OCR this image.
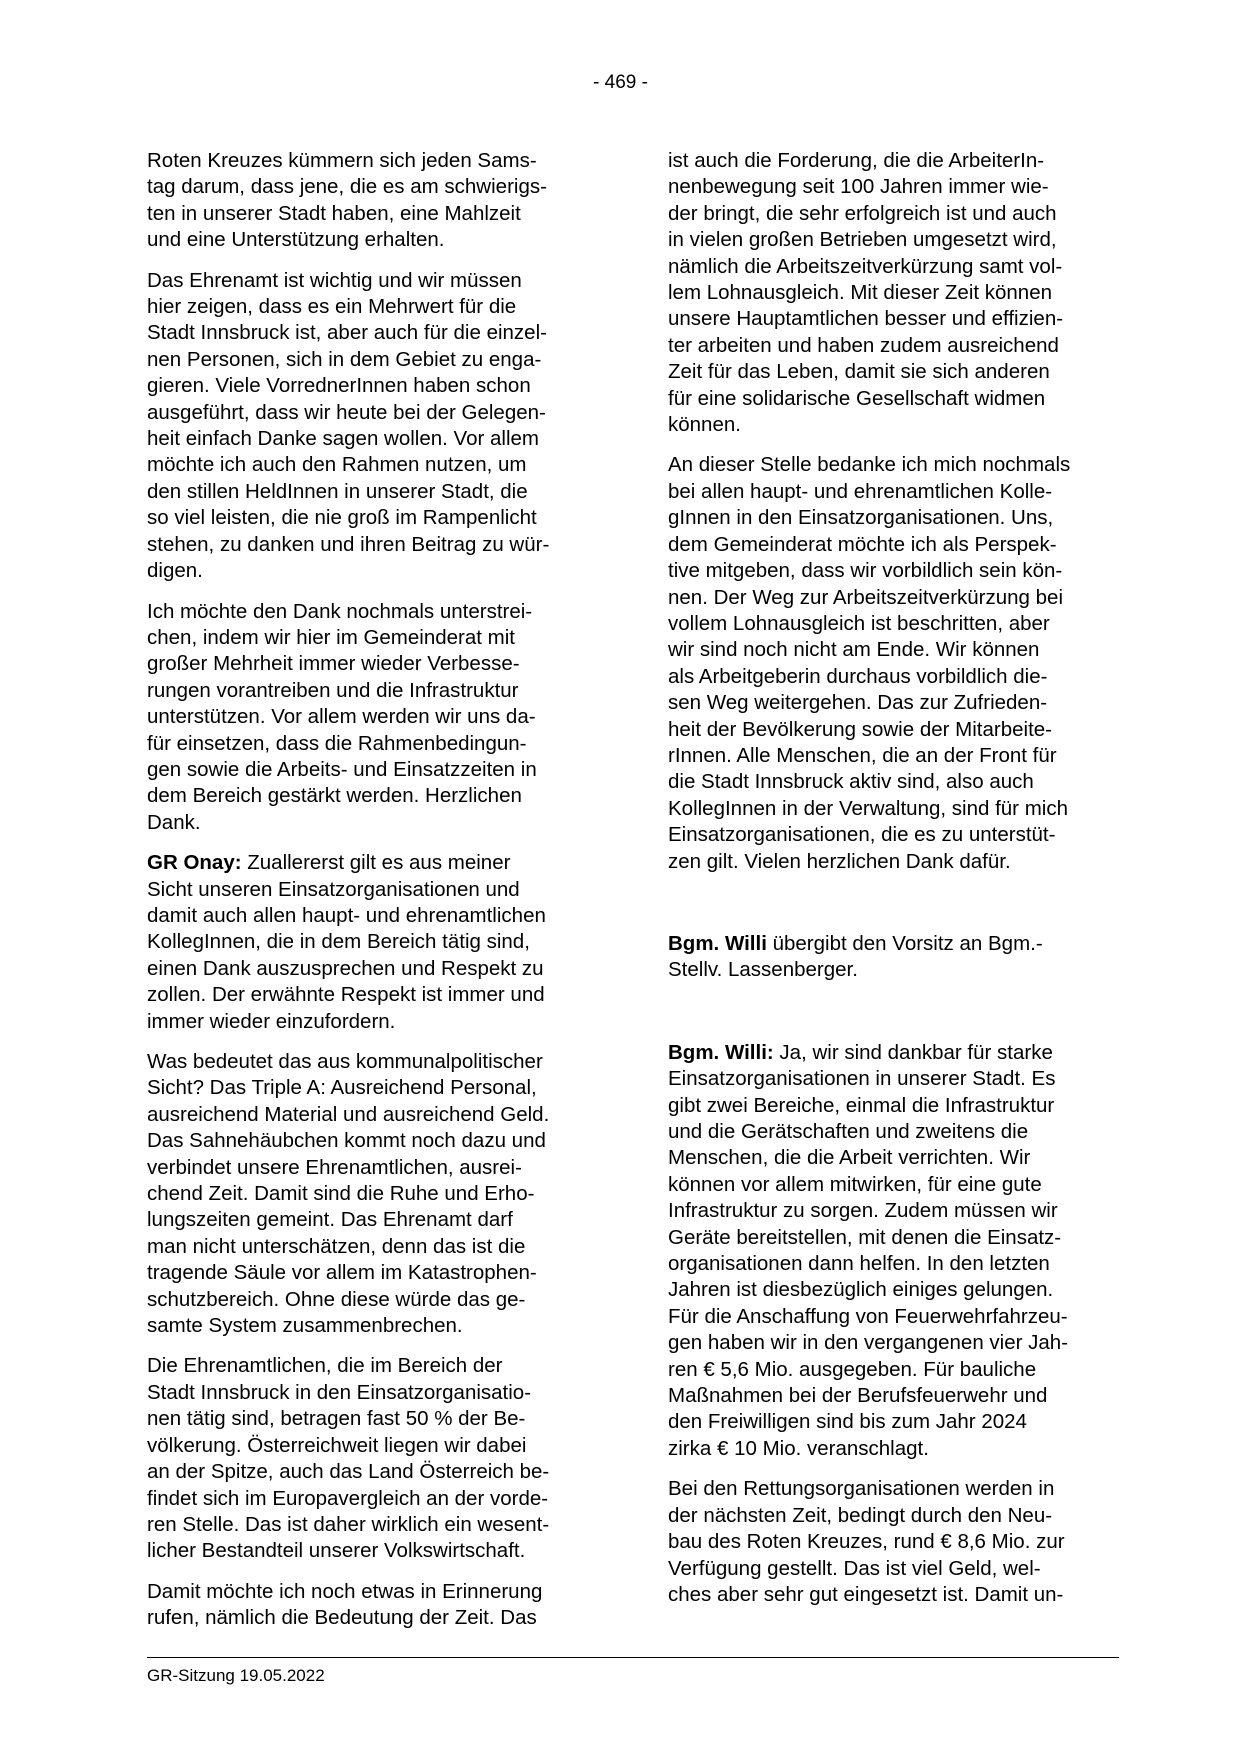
- 469 -

Roten Kreuzes kümmern sich jeden Sams-
tag darum, dass jene, die es am schwierigs-
ten in unserer Stadt haben, eine Mahlzeit
und eine Unterstützung erhalten.

Das Ehrenamt ist wichtig und wir müssen
hier zeigen, dass es ein Mehrwert für die
Stadt Innsbruck ist, aber auch für die einzel-
nen Personen, sich in dem Gebiet zu enga-
gieren. Viele VorrednerInnen haben schon
ausgeführt, dass wir heute bei der Gelegen-
heit einfach Danke sagen wollen. Vor allem
möchte ich auch den Rahmen nutzen, um
den stillen HeldInnen in unserer Stadt, die
so viel leisten, die nie groß im Rampenlicht
stehen, zu danken und ihren Beitrag zu wür-
digen.

Ich möchte den Dank nochmals unterstrei-
chen, indem wir hier im Gemeinderat mit
großer Mehrheit immer wieder Verbesse-
rungen vorantreiben und die Infrastruktur
unterstützen. Vor allem werden wir uns da-
für einsetzen, dass die Rahmenbedingun-
gen sowie die Arbeits- und Einsatzzeiten in
dem Bereich gestärkt werden. Herzlichen
Dank.

GR Onay: Zuallererst gilt es aus meiner
Sicht unseren Einsatzorganisationen und
damit auch allen haupt- und ehrenamtlichen
KollegInnen, die in dem Bereich tätig sind,
einen Dank auszusprechen und Respekt zu
zollen. Der erwähnte Respekt ist immer und
immer wieder einzufordern.

Was bedeutet das aus kommunalpolitischer
Sicht? Das Triple A: Ausreichend Personal,
ausreichend Material und ausreichend Geld.
Das Sahnehäubchen kommt noch dazu und
verbindet unsere Ehrenamtlichen, ausrei-
chend Zeit. Damit sind die Ruhe und Erho-
lungszeiten gemeint. Das Ehrenamt darf
man nicht unterschätzen, denn das ist die
tragende Säule vor allem im Katastrophen-
schutzbereich. Ohne diese würde das ge-
samte System zusammenbrechen.

Die Ehrenamtlichen, die im Bereich der
Stadt Innsbruck in den Einsatzorganisatio-
nen tätig sind, betragen fast 50 % der Be-
völkerung. Österreichweit liegen wir dabei
an der Spitze, auch das Land Österreich be-
findet sich im Europavergleich an der vorde-
ren Stelle. Das ist daher wirklich ein wesent-
licher Bestandteil unserer Volkswirtschaft.

Damit möchte ich noch etwas in Erinnerung
rufen, nämlich die Bedeutung der Zeit. Das

ist auch die Forderung, die die ArbeiterIn-
nenbewegung seit 100 Jahren immer wie-
der bringt, die sehr erfolgreich ist und auch
in vielen großen Betrieben umgesetzt wird,
nämlich die Arbeitszeitverkürzung samt vol-
lem Lohnausgleich. Mit dieser Zeit können
unsere Hauptamtlichen besser und effizien-
ter arbeiten und haben zudem ausreichend
Zeit für das Leben, damit sie sich anderen
für eine solidarische Gesellschaft widmen
können.

An dieser Stelle bedanke ich mich nochmals
bei allen haupt- und ehrenamtlichen Kolle-
gInnen in den Einsatzorganisationen. Uns,
dem Gemeinderat möchte ich als Perspek-
tive mitgeben, dass wir vorbildlich sein kön-
nen. Der Weg zur Arbeitszeitverkürzung bei
vollem Lohnausgleich ist beschritten, aber
wir sind noch nicht am Ende. Wir können
als Arbeitgeberin durchaus vorbildlich die-
sen Weg weitergehen. Das zur Zufrieden-
heit der Bevölkerung sowie der Mitarbeite-
rInnen. Alle Menschen, die an der Front für
die Stadt Innsbruck aktiv sind, also auch
KollegInnen in der Verwaltung, sind für mich
Einsatzorganisationen, die es zu unterstüt-
zen gilt. Vielen herzlichen Dank dafür.

Bgm. Willi übergibt den Vorsitz an Bgm.-
Stellv. Lassenberger.

Bgm. Willi: Ja, wir sind dankbar für starke
Einsatzorganisationen in unserer Stadt. Es
gibt zwei Bereiche, einmal die Infrastruktur
und die Gerätschaften und zweitens die
Menschen, die die Arbeit verrichten. Wir
können vor allem mitwirken, für eine gute
Infrastruktur zu sorgen. Zudem müssen wir
Geräte bereitstellen, mit denen die Einsatz-
organisationen dann helfen. In den letzten
Jahren ist diesbezüglich einiges gelungen.
Für die Anschaffung von Feuerwehrfahrzeu-
gen haben wir in den vergangenen vier Jah-
ren € 5,6 Mio. ausgegeben. Für bauliche
Maßnahmen bei der Berufsfeuerwehr und
den Freiwilligen sind bis zum Jahr 2024
zirka € 10 Mio. veranschlagt.

Bei den Rettungsorganisationen werden in
der nächsten Zeit, bedingt durch den Neu-
bau des Roten Kreuzes, rund € 8,6 Mio. zur
Verfügung gestellt. Das ist viel Geld, wel-
ches aber sehr gut eingesetzt ist. Damit un-

GR-Sitzung 19.05.2022
